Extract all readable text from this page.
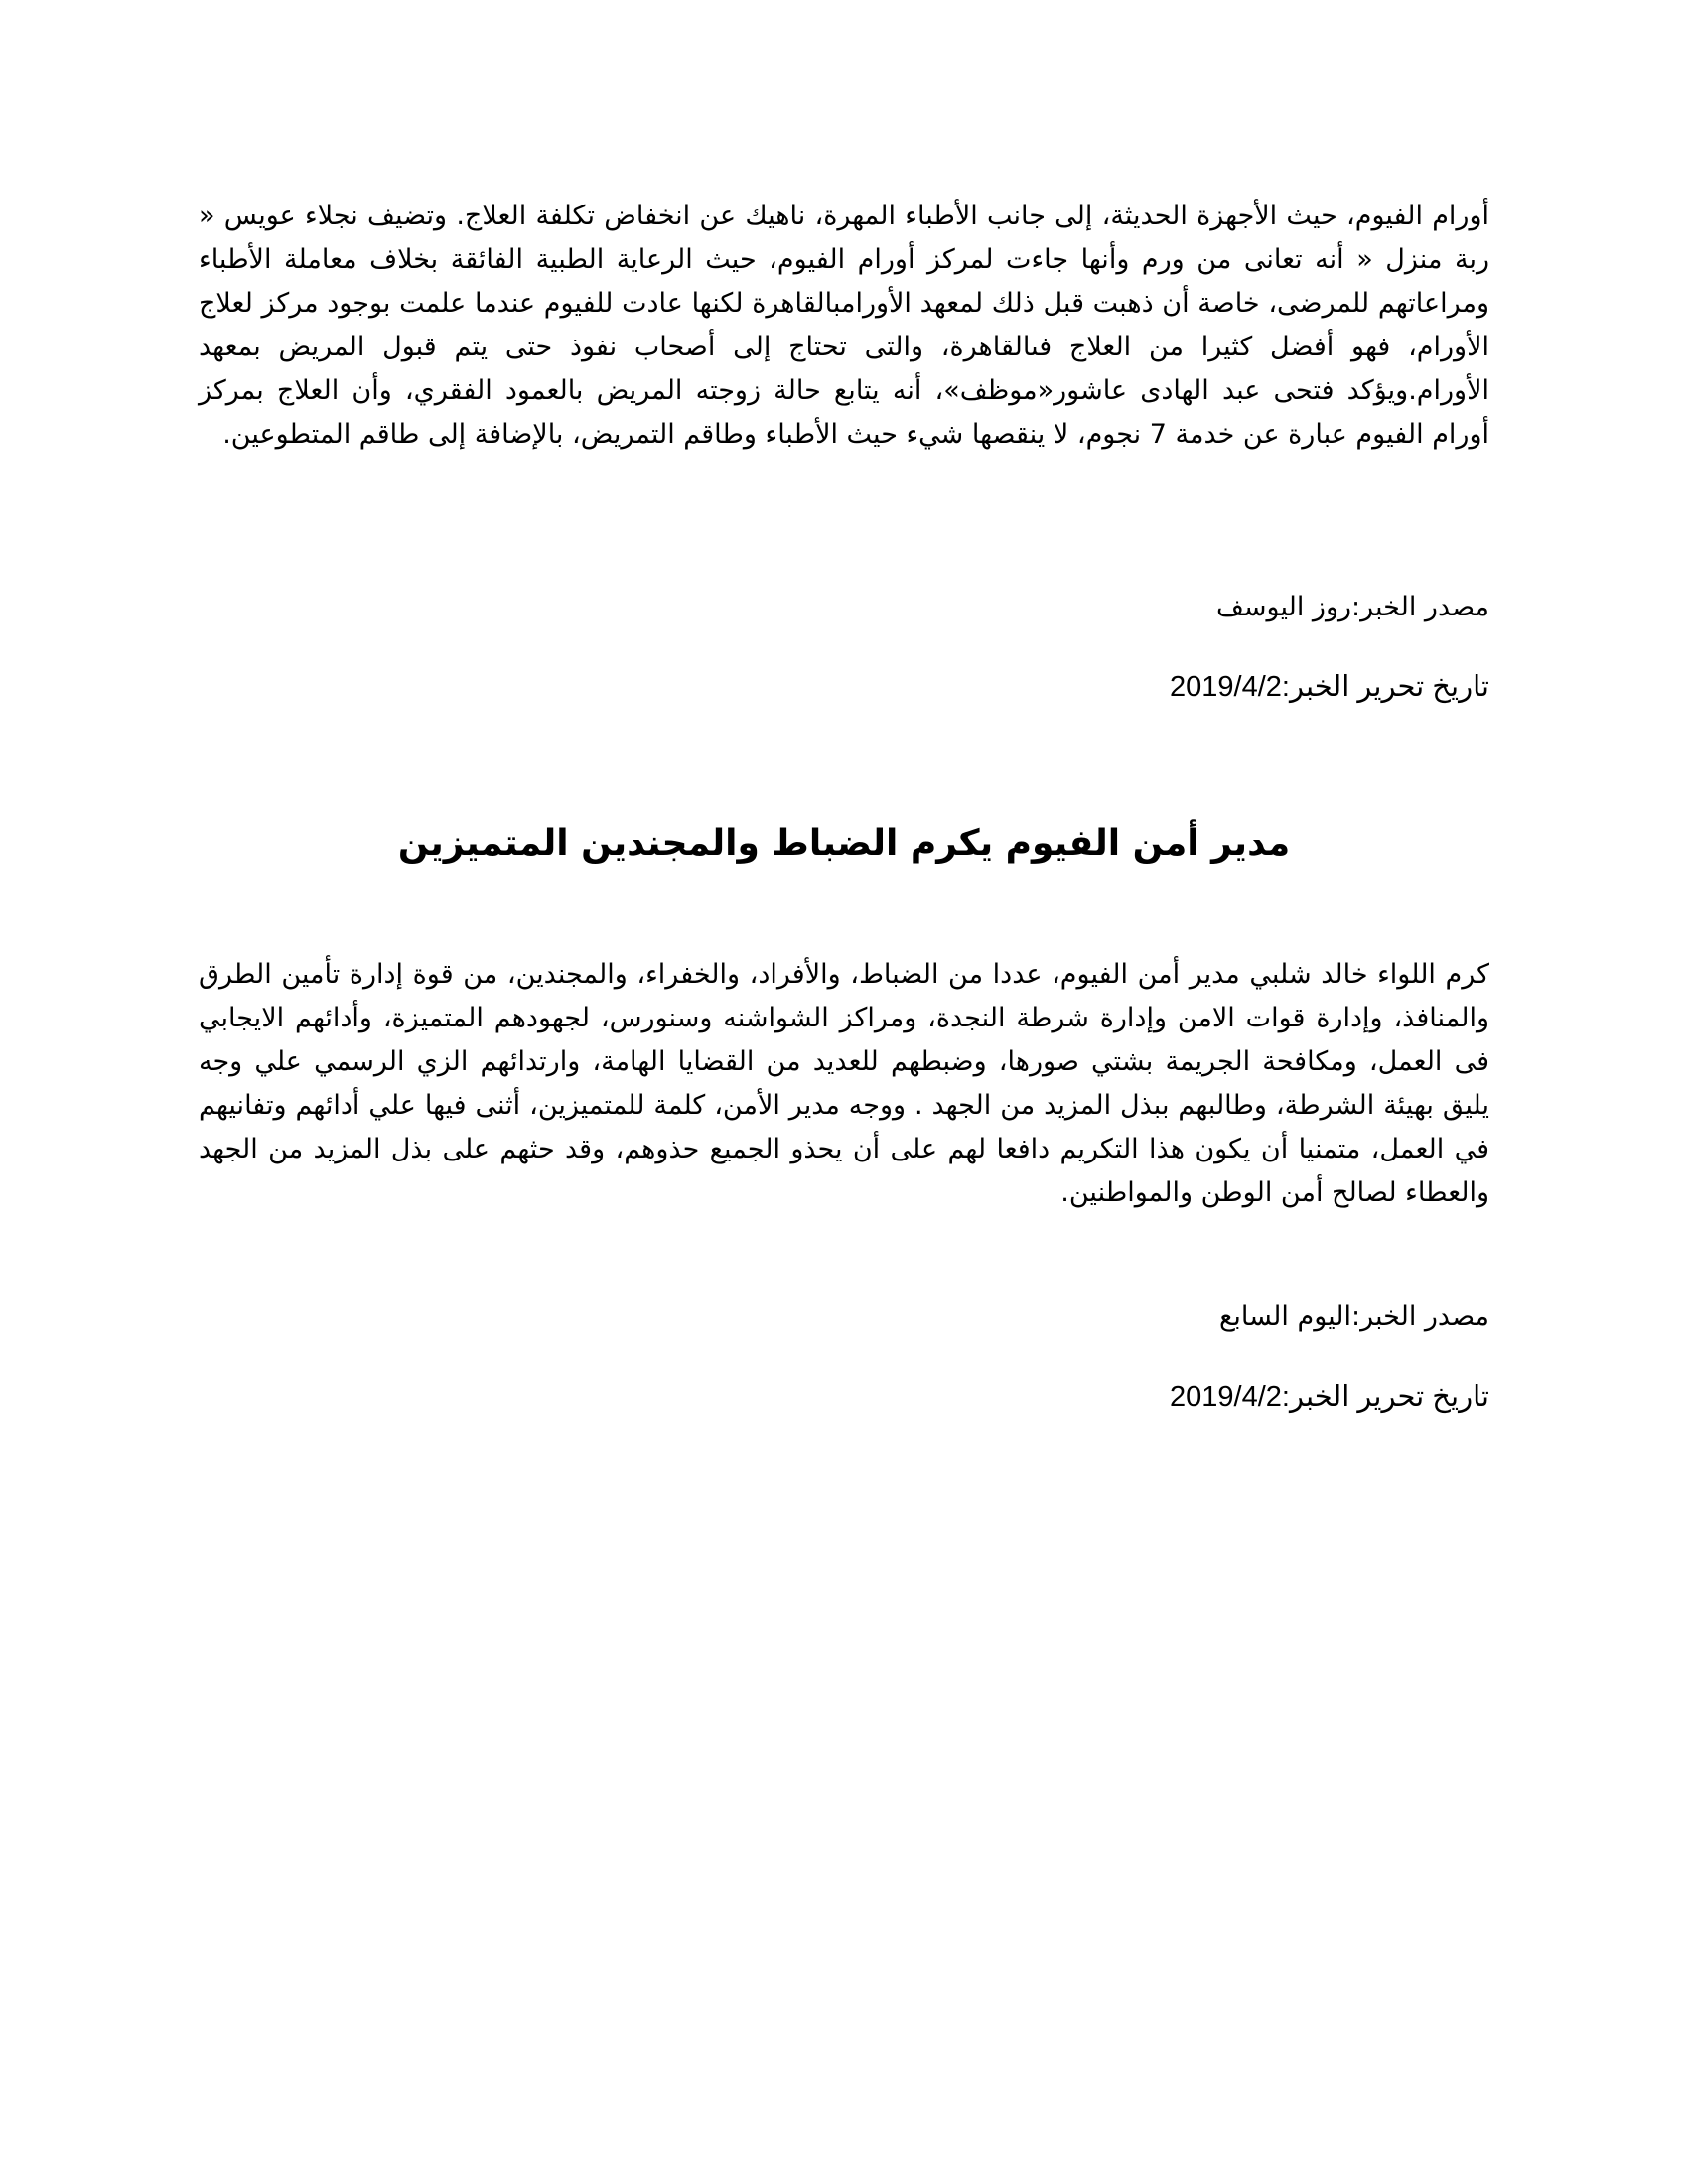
أورام الفيوم، حيث الأجهزة الحديثة، إلى جانب الأطباء المهرة، ناهيك عن انخفاض تكلفة العلاج. وتضيف نجلاء عويس « ربة منزل « أنه تعانى من ورم وأنها جاءت لمركز أورام الفيوم، حيث الرعاية الطبية الفائقة بخلاف معاملة الأطباء ومراعاتهم للمرضى، خاصة أن ذهبت قبل ذلك لمعهد الأورامبالقاهرة لكنها عادت للفيوم عندما علمت بوجود مركز لعلاج الأورام، فهو أفضل كثيرا من العلاج فىالقاهرة، والتى تحتاج إلى أصحاب نفوذ حتى يتم قبول المريض بمعهد الأورام.ويؤكد فتحى عبد الهادى عاشور«موظف»، أنه يتابع حالة زوجته المريض بالعمود الفقري، وأن العلاج بمركز أورام الفيوم عبارة عن خدمة 7 نجوم، لا ينقصها شيء حيث الأطباء وطاقم التمريض، بالإضافة إلى طاقم المتطوعين.

مصدر الخبر:روز اليوسف

تاريخ تحرير الخبر:2019/4/2

مدير أمن الفيوم يكرم الضباط والمجندين المتميزين

كرم اللواء خالد شلبي مدير أمن الفيوم، عددا من الضباط، والأفراد، والخفراء، والمجندين، من قوة إدارة تأمين الطرق والمنافذ، وإدارة قوات الامن وإدارة شرطة النجدة، ومراكز الشواشنه وسنورس، لجهودهم المتميزة، وأدائهم الايجابي فى العمل، ومكافحة الجريمة بشتي صورها، وضبطهم للعديد من القضايا الهامة، وارتدائهم الزي الرسمي علي وجه يليق بهيئة الشرطة، وطالبهم ببذل المزيد من الجهد . ووجه مدير الأمن، كلمة للمتميزين، أثنى فيها علي أدائهم وتفانيهم في العمل، متمنيا أن يكون هذا التكريم دافعا لهم على أن يحذو الجميع حذوهم، وقد حثهم على بذل المزيد من الجهد والعطاء لصالح أمن الوطن والمواطنين.

مصدر الخبر:اليوم السابع

تاريخ تحرير الخبر:2019/4/2
